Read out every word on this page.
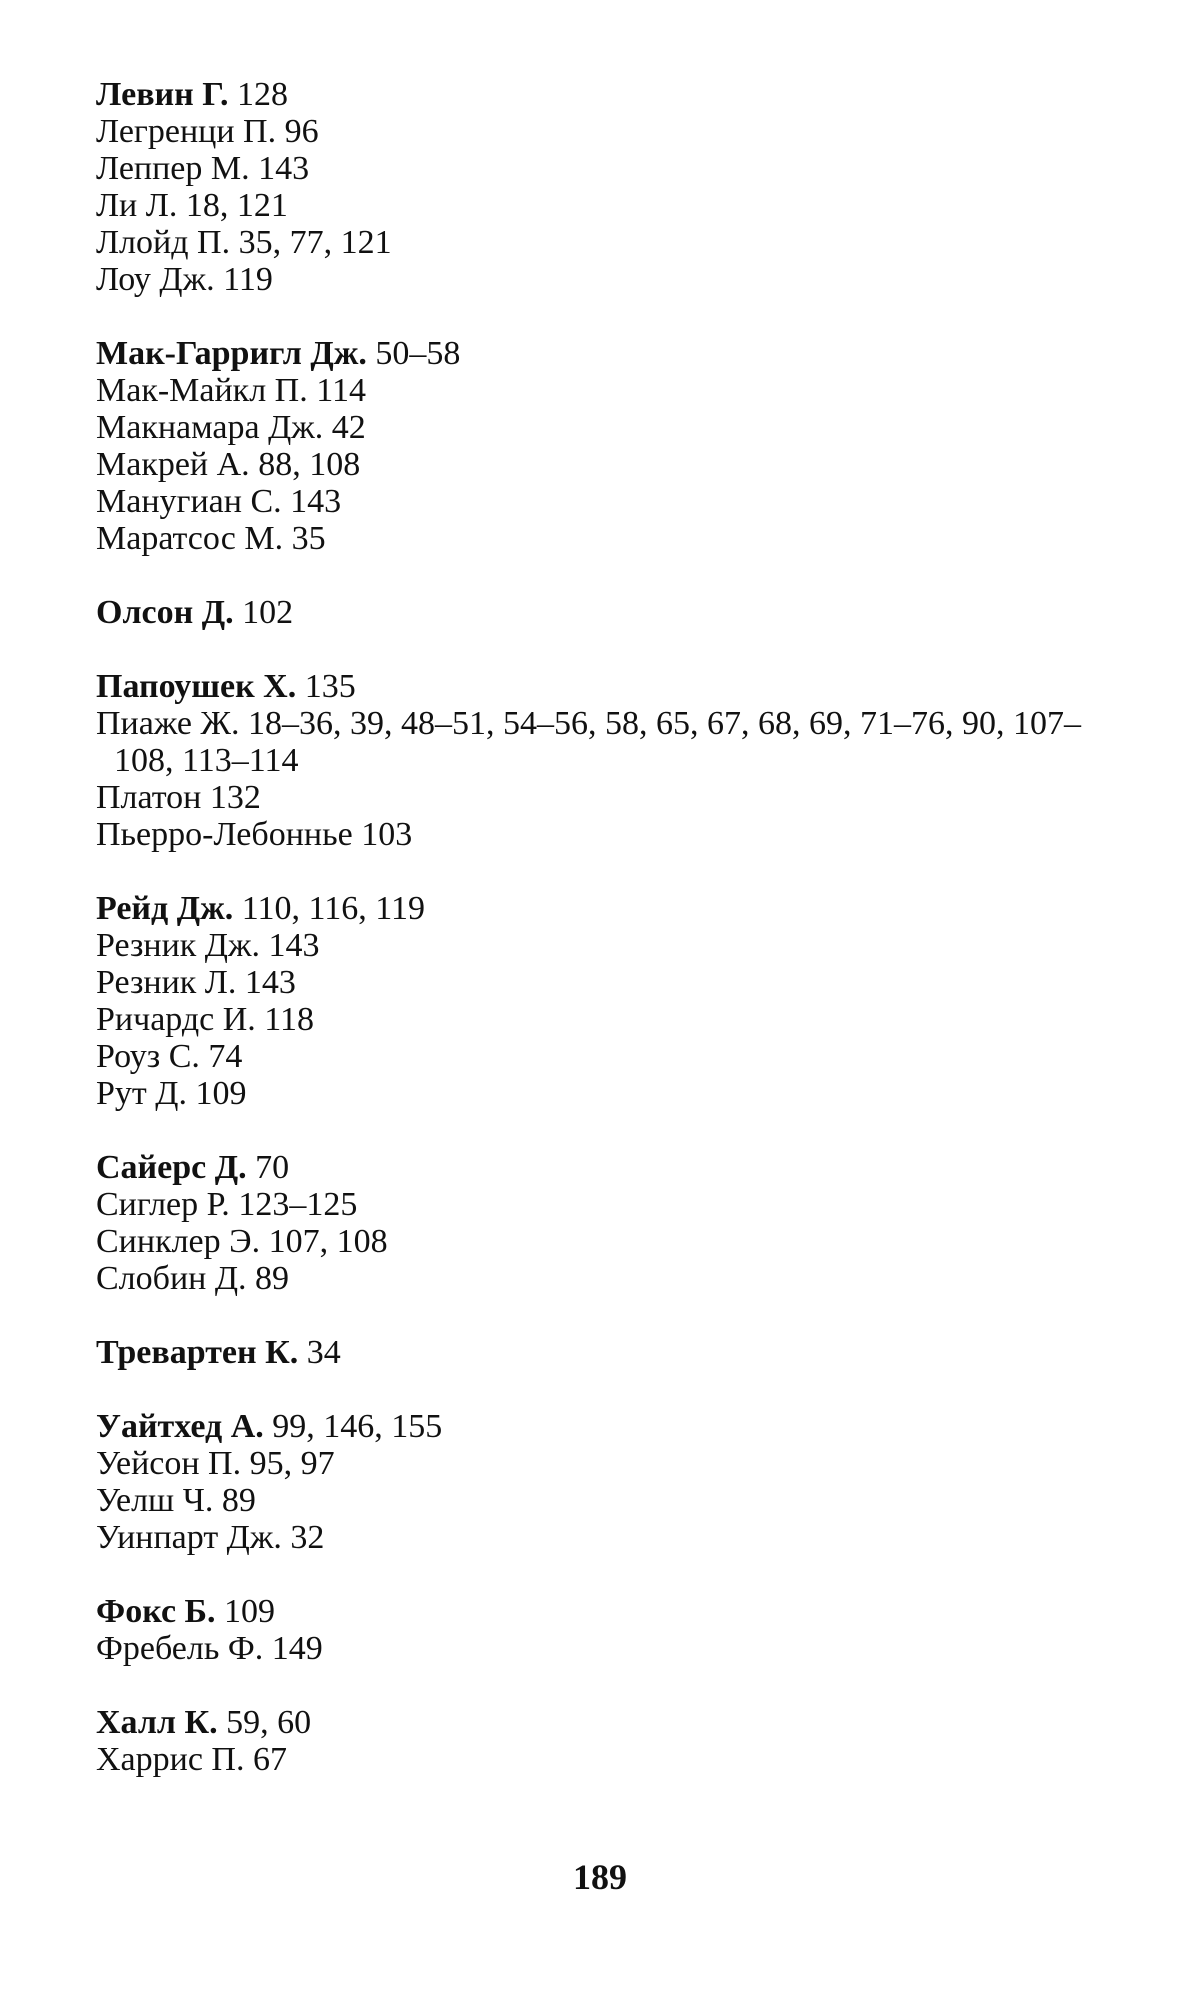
Левин Г. 128
Легренци П. 96
Леппер М. 143
Ли Л. 18, 121
Ллойд П. 35, 77, 121
Лоу Дж. 119
Мак-Гарригл Дж. 50–58
Мак-Майкл П. 114
Макнамара Дж. 42
Макрей А. 88, 108
Манугиан С. 143
Маратсос М. 35
Олсон Д. 102
Папоушек Х. 135
Пиаже Ж. 18–36, 39, 48–51, 54–56, 58, 65, 67, 68, 69, 71–76, 90, 107–108, 113–114
Платон 132
Пьерро-Лебоннье 103
Рейд Дж. 110, 116, 119
Резник Дж. 143
Резник Л. 143
Ричардс И. 118
Роуз С. 74
Рут Д. 109
Сайерс Д. 70
Сиглер Р. 123–125
Синклер Э. 107, 108
Слобин Д. 89
Тревартен К. 34
Уайтхед А. 99, 146, 155
Уейсон П. 95, 97
Уелш Ч. 89
Уинпарт Дж. 32
Фокс Б. 109
Фребель Ф. 149
Халл К. 59, 60
Харрис П. 67
189
